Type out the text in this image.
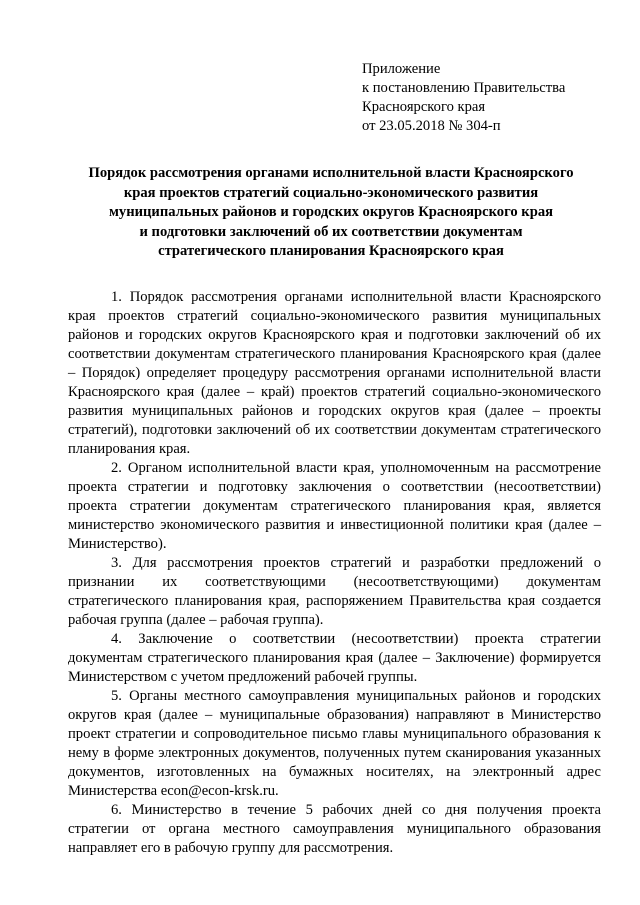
Приложение
к постановлению Правительства
Красноярского края
от 23.05.2018 № 304-п
Порядок рассмотрения органами исполнительной власти Красноярского
края проектов стратегий социально-экономического развития
муниципальных районов и городских округов Красноярского края
и подготовки заключений об их соответствии документам
стратегического планирования Красноярского края

1. Порядок рассмотрения органами исполнительной власти Красноярского края проектов стратегий социально-экономического развития муниципальных районов и городских округов Красноярского края и подготовки заключений об их соответствии документам стратегического планирования Красноярского края (далее – Порядок) определяет процедуру рассмотрения органами исполнительной власти Красноярского края (далее – край) проектов стратегий социально-экономического развития муниципальных районов и городских округов края (далее – проекты стратегий), подготовки заключений об их соответствии документам стратегического планирования края.

2. Органом исполнительной власти края, уполномоченным на рассмотрение проекта стратегии и подготовку заключения о соответствии (несоответствии) проекта стратегии документам стратегического планирования края, является министерство экономического развития и инвестиционной политики края (далее – Министерство).

3. Для рассмотрения проектов стратегий и разработки предложений о признании их соответствующими (несоответствующими) документам стратегического планирования края, распоряжением Правительства края создается рабочая группа (далее – рабочая группа).

4. Заключение о соответствии (несоответствии) проекта стратегии документам стратегического планирования края (далее – Заключение) формируется Министерством с учетом предложений рабочей группы.

5. Органы местного самоуправления муниципальных районов и городских округов края (далее – муниципальные образования) направляют в Министерство проект стратегии и сопроводительное письмо главы муниципального образования к нему в форме электронных документов, полученных путем сканирования указанных документов, изготовленных на бумажных носителях, на электронный адрес Министерства econ@econ-krsk.ru.

6. Министерство в течение 5 рабочих дней со дня получения проекта стратегии от органа местного самоуправления муниципального образования направляет его в рабочую группу для рассмотрения.
